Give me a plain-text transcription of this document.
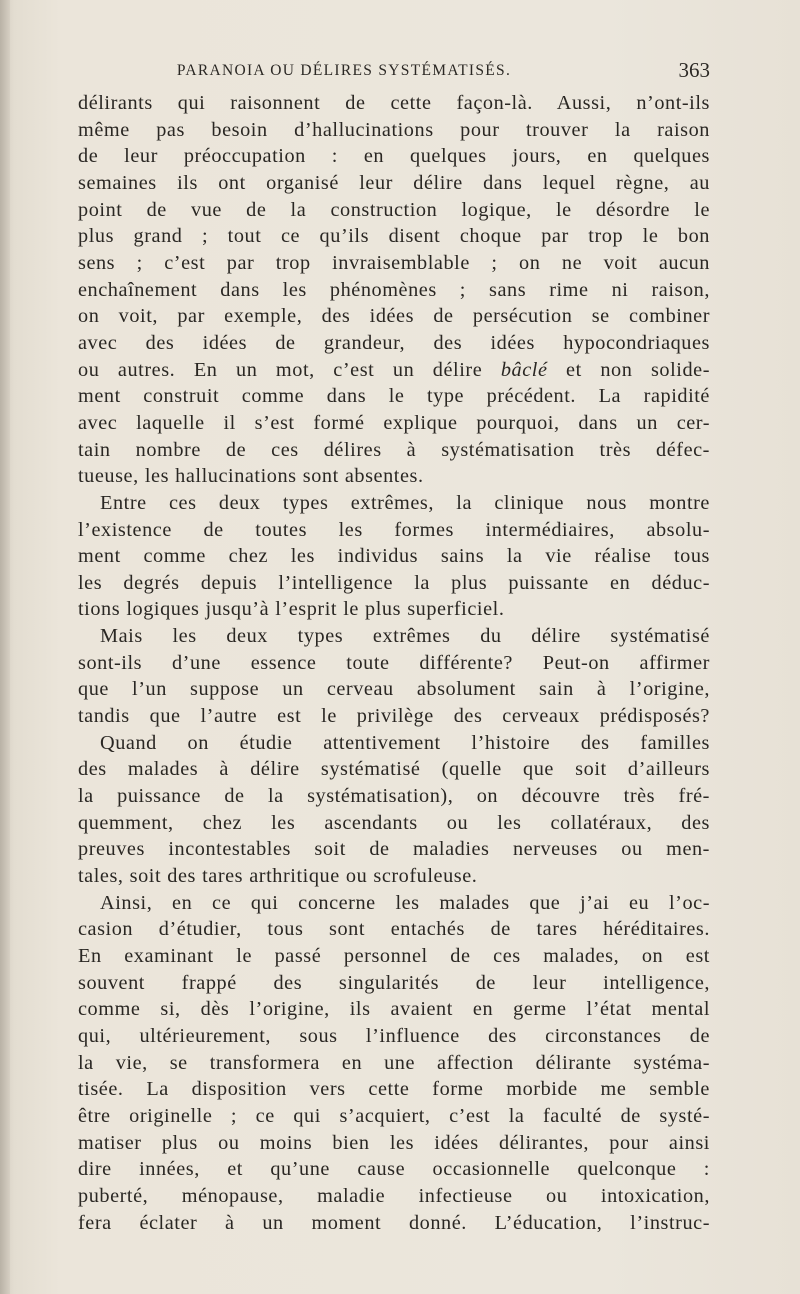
PARANOIA OU DÉLIRES SYSTÉMATISÉS.	363
délirants qui raisonnent de cette façon-là. Aussi, n’ont-ils
même pas besoin d’hallucinations pour trouver la raison
de leur préoccupation : en quelques jours, en quelques
semaines ils ont organisé leur délire dans lequel règne, au
point de vue de la construction logique, le désordre le
plus grand ; tout ce qu’ils disent choque par trop le bon
sens ; c’est par trop invraisemblable ; on ne voit aucun
enchaînement dans les phénomènes ; sans rime ni raison,
on voit, par exemple, des idées de persécution se combiner
avec des idées de grandeur, des idées hypocondriaques
ou autres. En un mot, c’est un délire bâclé et non solide-
ment construit comme dans le type précédent. La rapidité
avec laquelle il s’est formé explique pourquoi, dans un cer-
tain nombre de ces délires à systématisation très défec-
tueuse, les hallucinations sont absentes.
Entre ces deux types extrêmes, la clinique nous montre
l’existence de toutes les formes intermédiaires, absolu-
ment comme chez les individus sains la vie réalise tous
les degrés depuis l’intelligence la plus puissante en déduc-
tions logiques jusqu’à l’esprit le plus superficiel.
Mais les deux types extrêmes du délire systématisé
sont-ils d’une essence toute différente? Peut-on affirmer
que l’un suppose un cerveau absolument sain à l’origine,
tandis que l’autre est le privilège des cerveaux prédisposés?
Quand on étudie attentivement l’histoire des familles
des malades à délire systématisé (quelle que soit d’ailleurs
la puissance de la systématisation), on découvre très fré-
quemment, chez les ascendants ou les collatéraux, des
preuves incontestables soit de maladies nerveuses ou men-
tales, soit des tares arthritique ou scrofuleuse.
Ainsi, en ce qui concerne les malades que j’ai eu l’oc-
casion d’étudier, tous sont entachés de tares héréditaires.
En examinant le passé personnel de ces malades, on est
souvent frappé des singularités de leur intelligence,
comme si, dès l’origine, ils avaient en germe l’état mental
qui, ultérieurement, sous l’influence des circonstances de
la vie, se transformera en une affection délirante systéma-
tisée. La disposition vers cette forme morbide me semble
être originelle ; ce qui s’acquiert, c’est la faculté de systé-
matiser plus ou moins bien les idées délirantes, pour ainsi
dire innées, et qu’une cause occasionnelle quelconque :
puberté, ménopause, maladie infectieuse ou intoxication,
fera éclater à un moment donné. L’éducation, l’instruc-
